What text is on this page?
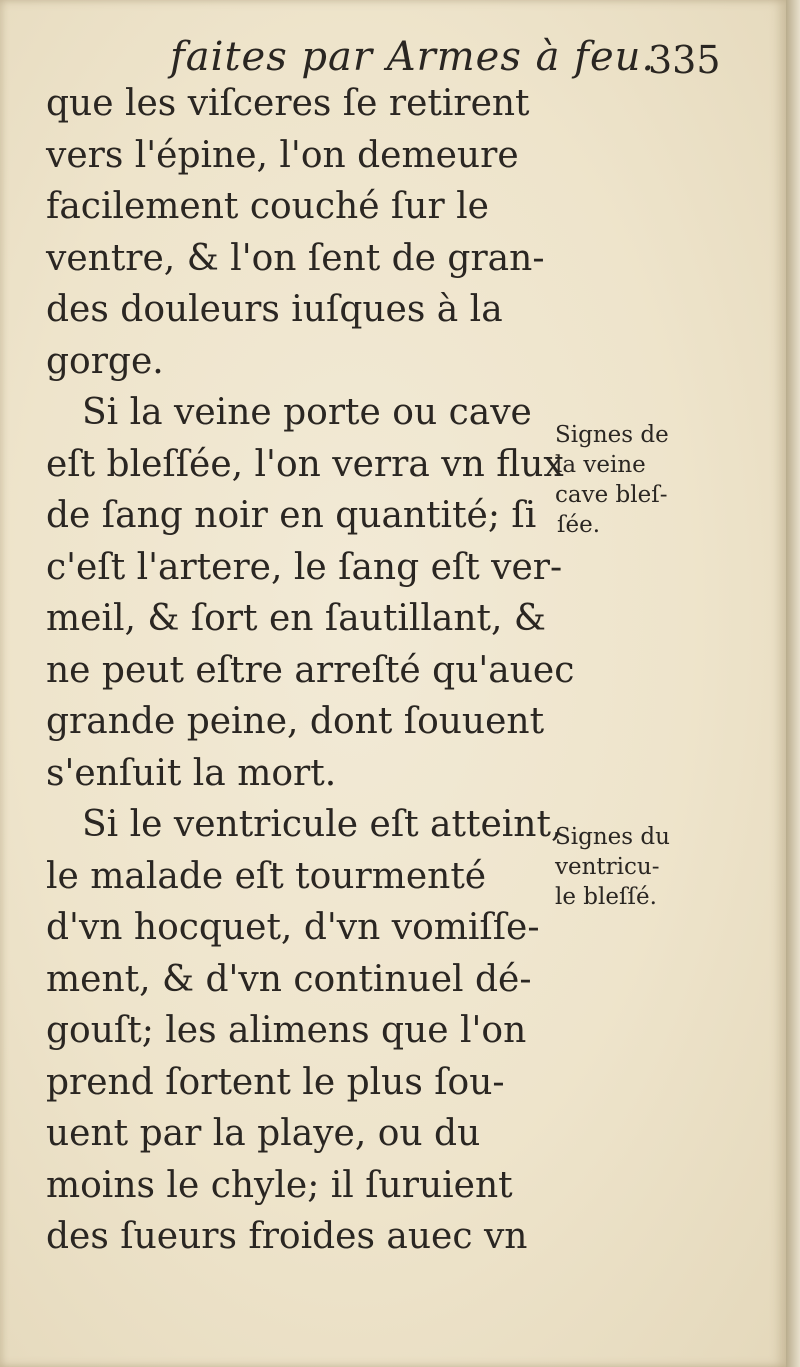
faites par Armes à feu.
335
que les viſceres ſe retirent
vers l'épine, l'on demeure
facilement couché ſur le
ventre, & l'on ſent de gran-
des douleurs iuſques à la
gorge.
Si la veine porte ou cave
eſt bleſſée, l'on verra vn flux
de ſang noir en quantité; ſi
c'eſt l'artere, le ſang eſt ver-
meil, & ſort en ſautillant, &
ne peut eſtre arreſté qu'auec
grande peine, dont ſouuent
s'enſuit la mort.
Si le ventricule eſt atteint,
le malade eſt tourmenté
d'vn hocquet, d'vn vomiſſe-
ment, & d'vn continuel dé-
gouſt; les alimens que l'on
prend ſortent le plus ſou-
uent par la playe, ou du
moins le chyle; il ſuruient
des ſueurs froides auec vn
Signes de
la veine
cave bleſ-
ſée.
Signes du
ventricu-
le bleſſé.
